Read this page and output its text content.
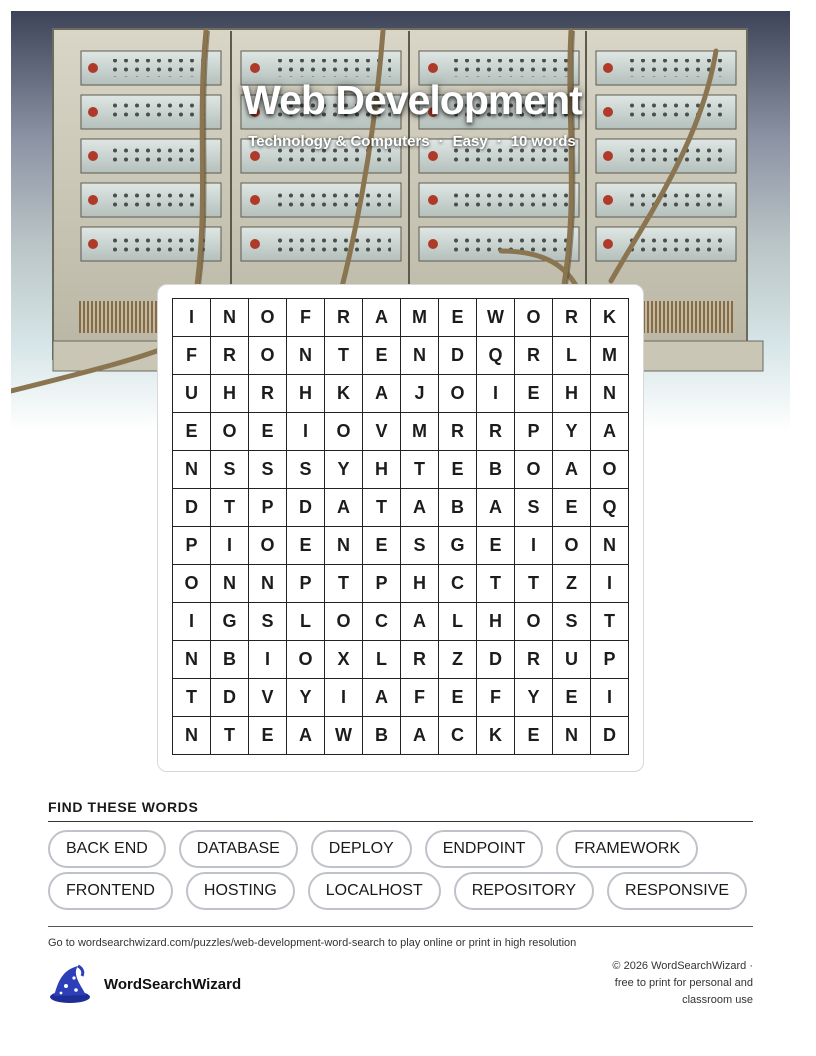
Web Development
Technology & Computers · Easy · 10 words
I	N	O	F	R	A	M	E	W	O	R	K
F	R	O	N	T	E	N	D	Q	R	L	M
U	H	R	H	K	A	J	O	I	E	H	N
E	O	E	I	O	V	M	R	R	P	Y	A
N	S	S	S	Y	H	T	E	B	O	A	O
D	T	P	D	A	T	A	B	A	S	E	Q
P	I	O	E	N	E	S	G	E	I	O	N
O	N	N	P	T	P	H	C	T	T	Z	I
I	G	S	L	O	C	A	L	H	O	S	T
N	B	I	O	X	L	R	Z	D	R	U	P
T	D	V	Y	I	A	F	E	F	Y	E	I
N	T	E	A	W	B	A	C	K	E	N	D
FIND THESE WORDS
BACK END	DATABASE	DEPLOY	ENDPOINT	FRAMEWORK
FRONTEND	HOSTING	LOCALHOST	REPOSITORY	RESPONSIVE
Go to wordsearchwizard.com/puzzles/web-development-word-search to play online or print in high resolution
WordSearchWizard
© 2026 WordSearchWizard ·
free to print for personal and
classroom use
